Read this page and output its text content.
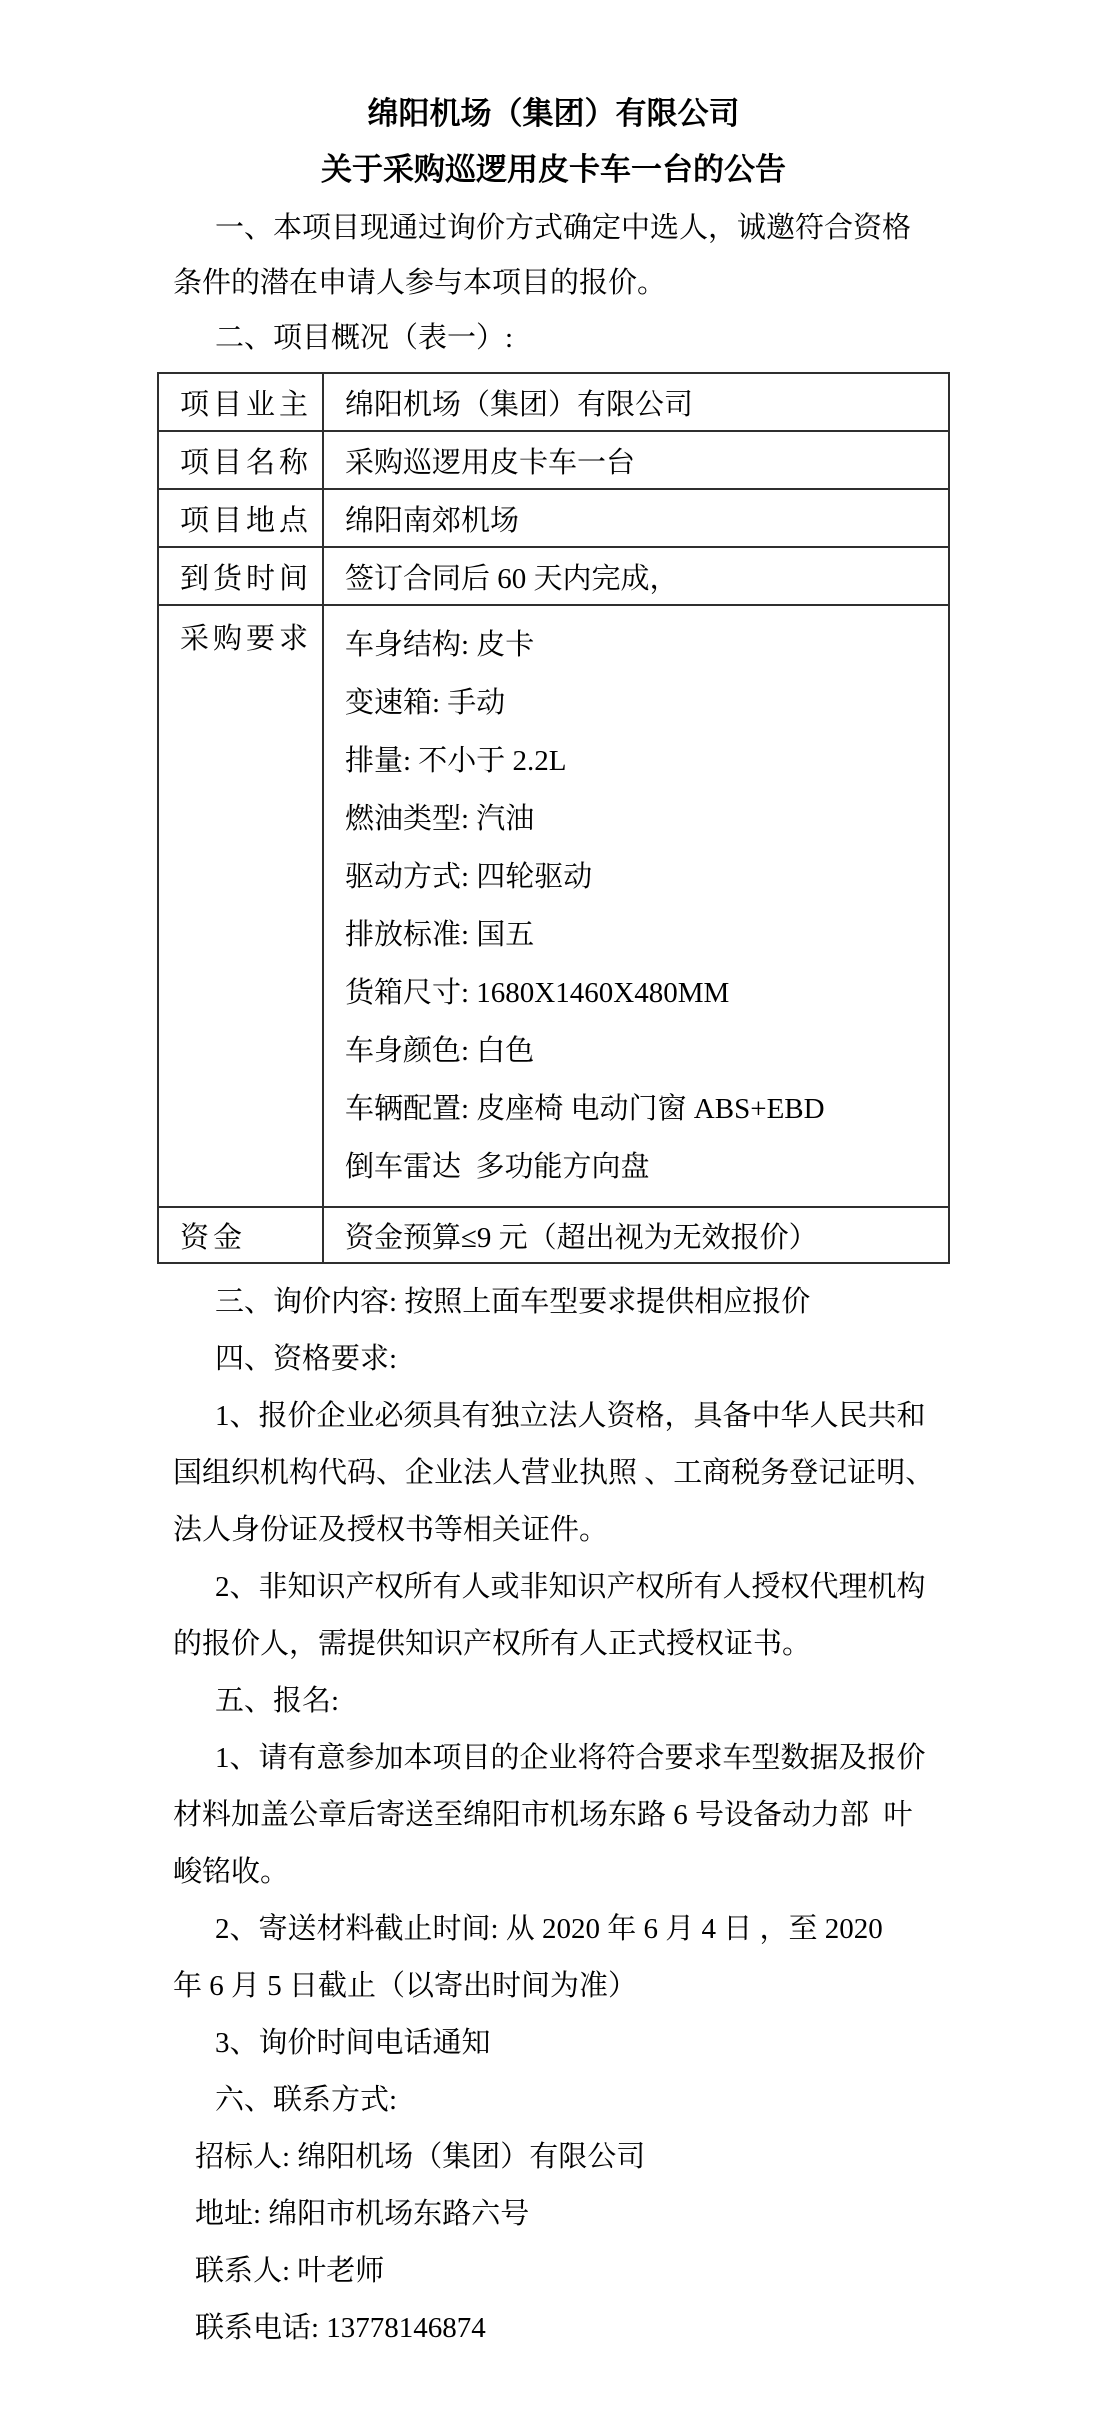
绵阳机场（集团）有限公司
关于采购巡逻用皮卡车一台的公告
一、本项目现通过询价方式确定中选人，诚邀符合资格
条件的潜在申请人参与本项目的报价。
二、项目概况（表一）:
项目业主	绵阳机场（集团）有限公司
项目名称	采购巡逻用皮卡车一台
项目地点	绵阳南郊机场
到货时间	签订合同后 60 天内完成，
采购要求	车身结构: 皮卡
变速箱: 手动
排量: 不小于 2.2L
燃油类型: 汽油
驱动方式: 四轮驱动
排放标准: 国五
货箱尺寸: 1680X1460X480MM
车身颜色: 白色
车辆配置: 皮座椅 电动门窗 ABS+EBD
倒车雷达  多功能方向盘

资金	资金预算≤9 元（超出视为无效报价）
三、询价内容: 按照上面车型要求提供相应报价
四、资格要求:
1、报价企业必须具有独立法人资格，具备中华人民共和
国组织机构代码、企业法人营业执照 、工商税务登记证明、
法人身份证及授权书等相关证件。
2、非知识产权所有人或非知识产权所有人授权代理机构
的报价人，需提供知识产权所有人正式授权证书。
五、报名:
1、请有意参加本项目的企业将符合要求车型数据及报价
材料加盖公章后寄送至绵阳市机场东路 6 号设备动力部  叶
峻铭收。
2、寄送材料截止时间: 从 2020 年 6 月 4 日 ，至 2020
年 6 月 5 日截止（以寄出时间为准）
3、询价时间电话通知
六、联系方式:
招标人: 绵阳机场（集团）有限公司
地址: 绵阳市机场东路六号
联系人: 叶老师
联系电话: 13778146874
